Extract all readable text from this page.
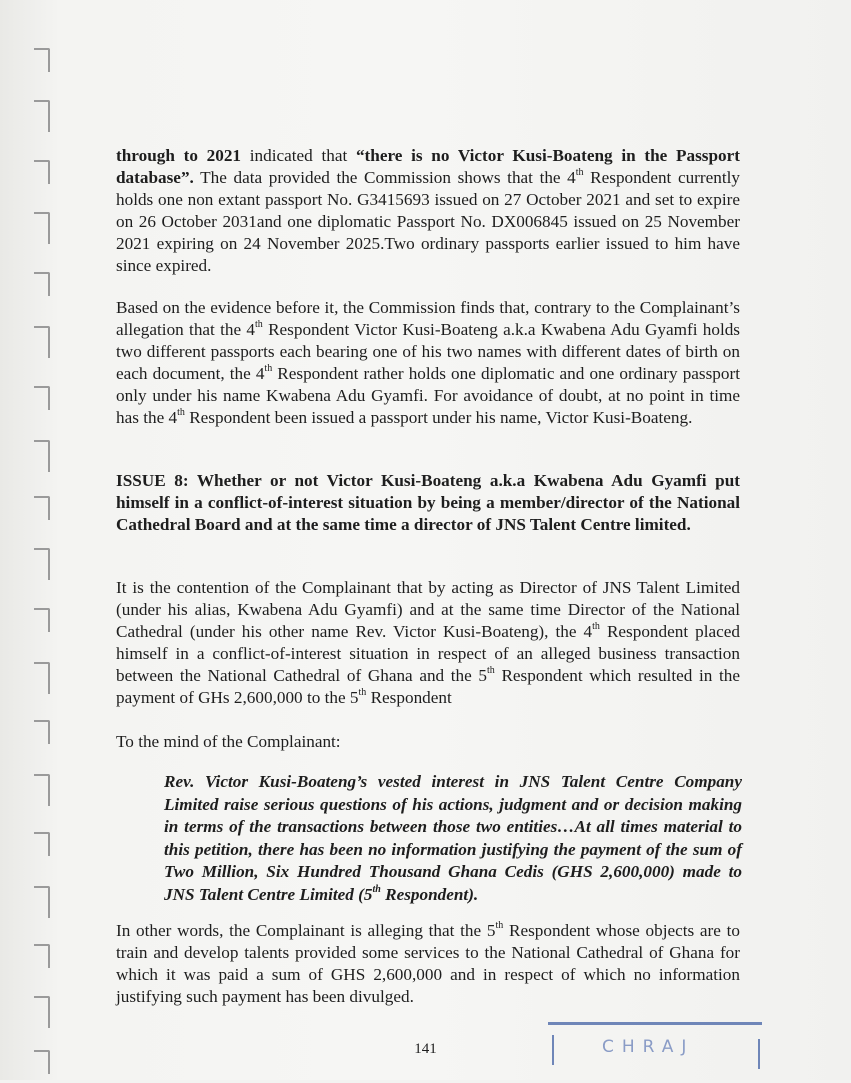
through to 2021 indicated that “there is no Victor Kusi-Boateng in the Passport database”. The data provided the Commission shows that the 4th Respondent currently holds one non extant passport No. G3415693 issued on 27 October 2021 and set to expire on 26 October 2031and one diplomatic Passport No. DX006845 issued on 25 November 2021 expiring on 24 November 2025.Two ordinary passports earlier issued to him have since expired.
Based on the evidence before it, the Commission finds that, contrary to the Complainant’s allegation that the 4th Respondent Victor Kusi-Boateng a.k.a Kwabena Adu Gyamfi holds two different passports each bearing one of his two names with different dates of birth on each document, the 4th Respondent rather holds one diplomatic and one ordinary passport only under his name Kwabena Adu Gyamfi. For avoidance of doubt, at no point in time has the 4th Respondent been issued a passport under his name, Victor Kusi-Boateng.
ISSUE 8: Whether or not Victor Kusi-Boateng a.k.a Kwabena Adu Gyamfi put himself in a conflict-of-interest situation by being a member/director of the National Cathedral Board and at the same time a director of JNS Talent Centre limited.
It is the contention of the Complainant that by acting as Director of JNS Talent Limited (under his alias, Kwabena Adu Gyamfi) and at the same time Director of the National Cathedral (under his other name Rev. Victor Kusi-Boateng), the 4th Respondent placed himself in a conflict-of-interest situation in respect of an alleged business transaction between the National Cathedral of Ghana and the 5th Respondent which resulted in the payment of GHs 2,600,000 to the 5th Respondent
To the mind of the Complainant:
Rev. Victor Kusi-Boateng’s vested interest in JNS Talent Centre Company Limited raise serious questions of his actions, judgment and or decision making in terms of the transactions between those two entities…At all times material to this petition, there has been no information justifying the payment of the sum of Two Million, Six Hundred Thousand Ghana Cedis (GHS 2,600,000) made to JNS Talent Centre Limited (5th Respondent).
In other words, the Complainant is alleging that the 5th Respondent whose objects are to train and develop talents provided some services to the National Cathedral of Ghana for which it was paid a sum of GHS 2,600,000 and in respect of which no information justifying such payment has been divulged.
141	CHRAJ
